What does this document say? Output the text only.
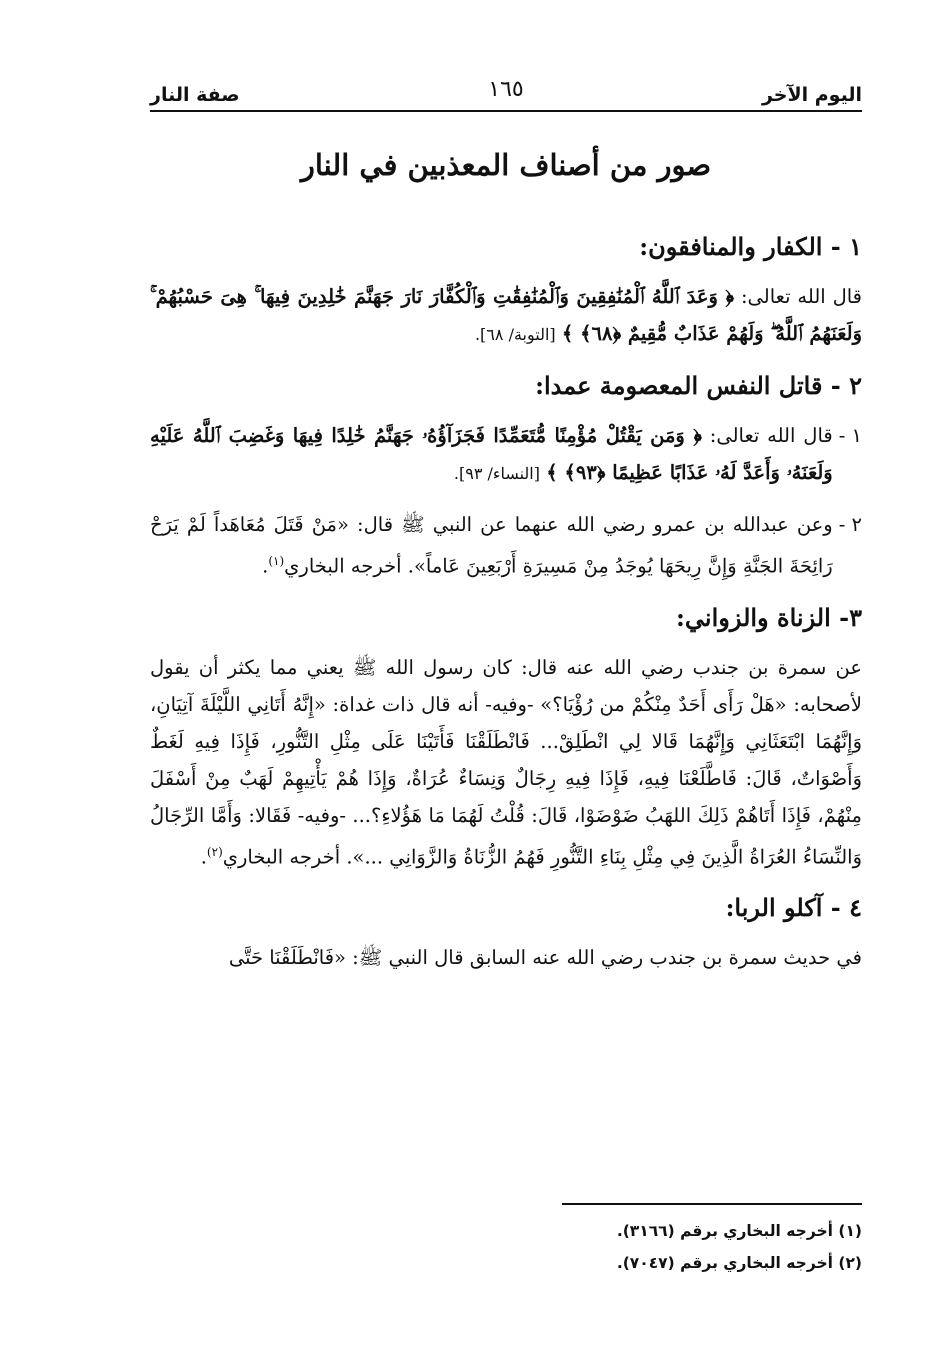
اليوم الآخر
١٦٥
صفة النار
صور من أصناف المعذبين في النار
١ - الكفار والمنافقون:

قال الله تعالى: ﴿ وَعَدَ ٱللَّهُ ٱلْمُنَٰفِقِينَ وَٱلْمُنَٰفِقَٰتِ وَٱلْكُفَّارَ نَارَ جَهَنَّمَ خَٰلِدِينَ فِيهَا ۚ هِىَ حَسْبُهُمْ ۚ وَلَعَنَهُمُ ٱللَّهُ ۖ وَلَهُمْ عَذَابٌ مُّقِيمٌ ﴿٦٨﴾ ﴾ [التوبة/ ٦٨].

٢ - قاتل النفس المعصومة عمدا:
١ -
قال الله تعالى: ﴿ وَمَن يَقْتُلْ مُؤْمِنًا مُّتَعَمِّدًا فَجَزَآؤُهُۥ جَهَنَّمُ خَٰلِدًا فِيهَا وَغَضِبَ ٱللَّهُ عَلَيْهِ وَلَعَنَهُۥ وَأَعَدَّ لَهُۥ عَذَابًا عَظِيمًا ﴿٩٣﴾ ﴾ [النساء/ ٩٣].
٢ -
وعن عبدالله بن عمرو رضي الله عنهما عن النبي ﷺ قال: «مَنْ قَتَلَ مُعَاهَداً لَمْ يَرَحْ رَائِحَةَ الجَنَّةِ وَإِنَّ رِيحَهَا يُوجَدُ مِنْ مَسِيرَةِ أَرْبَعِينَ عَاماً». أخرجه البخاري$^{(١)}$.
٣- الزناة والزواني:

عن سمرة بن جندب رضي الله عنه قال: كان رسول الله ﷺ يعني مما يكثر أن يقول لأصحابه: «هَلْ رَأَى أَحَدٌ مِنْكُمْ من رُؤْيَا؟» -وفيه- أنه قال ذات غداة: «إِنَّهُ أَتَانِي اللَّيْلَةَ آتِيَانِ، وَإِنَّهُمَا ابْتَعَثَانِي وَإِنَّهُمَا قَالا لِي انْطَلِقْ... فَانْطَلَقْنَا فَأَتَيْنَا عَلَى مِثْلِ التَّنُّورِ، فَإِذَا فِيهِ لَغَطٌ وَأَصْوَاتٌ، قَالَ: فَاطَّلَعْنَا فِيهِ، فَإِذَا فِيهِ رِجَالٌ وَنِسَاءٌ عُرَاةٌ، وَإِذَا هُمْ يَأْتِيهِمْ لَهَبٌ مِنْ أَسْفَلَ مِنْهُمْ، فَإِذَا أَتَاهُمْ ذَلِكَ اللهَبُ ضَوْضَوْا، قَالَ: قُلْتُ لَهُمَا مَا هَؤُلاءِ؟... -وفيه- فَقَالا: وَأَمَّا الرِّجَالُ وَالنِّسَاءُ العُرَاةُ الَّذِينَ فِي مِثْلِ بِنَاءِ التَّنُّورِ فَهُمُ الزُّنَاةُ وَالزَّوَانِي ...». أخرجه البخاري$^{(٢)}$.

٤ - آكلو الربا:

في حديث سمرة بن جندب رضي الله عنه السابق قال النبي ﷺ: «فَانْطَلَقْنَا حَتَّى

(١) أخرجه البخاري برقم (٣١٦٦).
(٢) أخرجه البخاري برقم (٧٠٤٧).
